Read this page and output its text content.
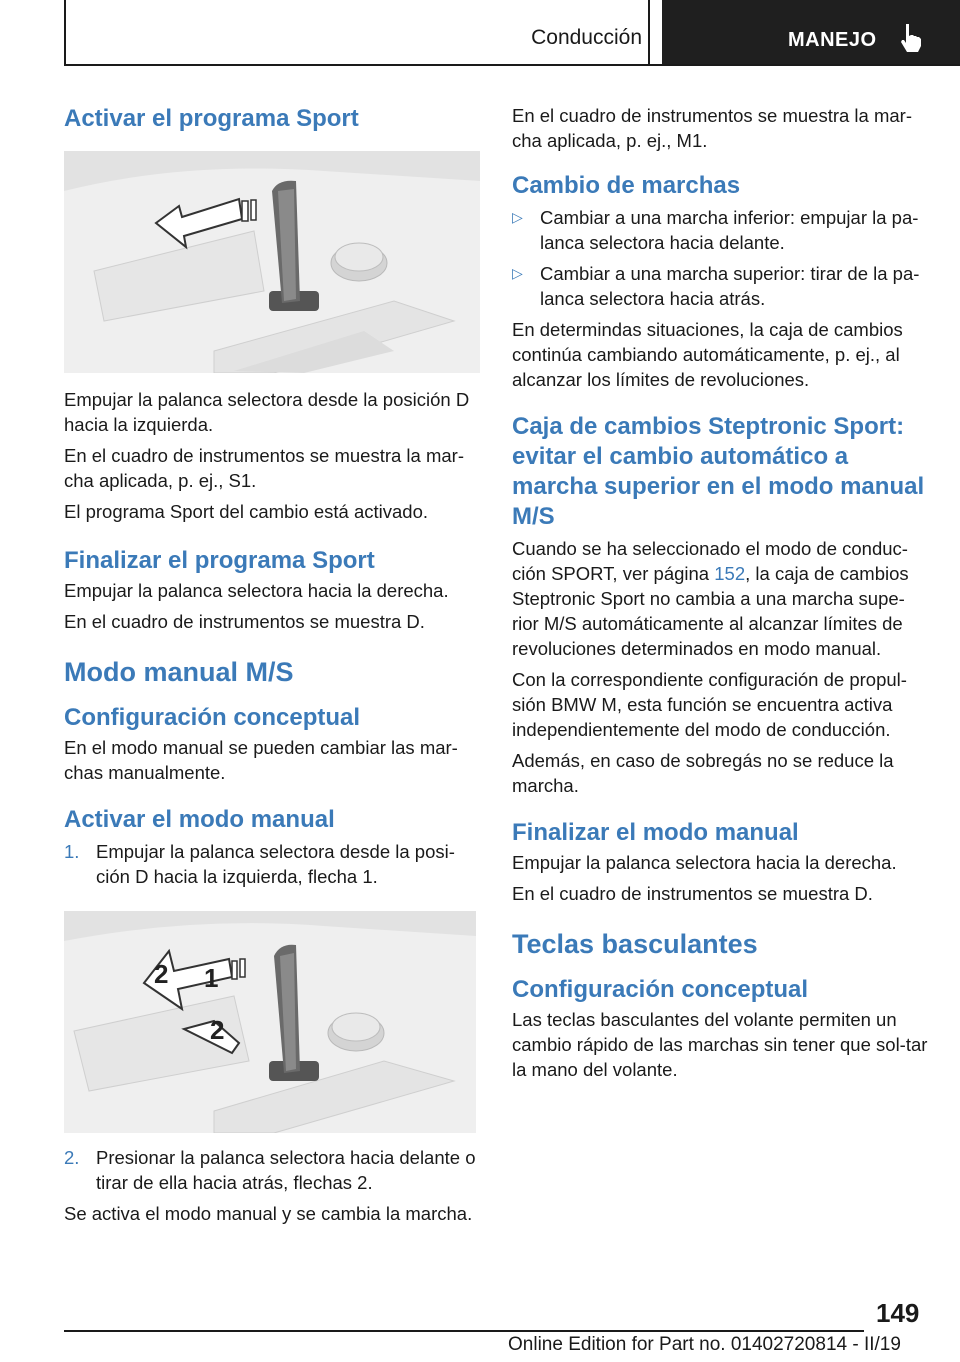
Conducción	MANEJO
Activar el programa Sport

Empujar la palanca selectora desde la posición D hacia la izquierda.

En el cuadro de instrumentos se muestra la mar‐cha aplicada, p. ej., S1.

El programa Sport del cambio está activado.

Finalizar el programa Sport

Empujar la palanca selectora hacia la derecha.

En el cuadro de instrumentos se muestra D.

Modo manual M/S
Configuración conceptual

En el modo manual se pueden cambiar las mar‐chas manualmente.

Activar el modo manual
1. Empujar la palanca selectora desde la posi‐ción D hacia la izquierda, flecha 1.
2 1
2
2. Presionar la palanca selectora hacia delante o tirar de ella hacia atrás, flechas 2.

Se activa el modo manual y se cambia la marcha.

En el cuadro de instrumentos se muestra la mar‐cha aplicada, p. ej., M1.

Cambio de marchas
▷ Cambiar a una marcha inferior: empujar la pa‐lanca selectora hacia delante.
▷ Cambiar a una marcha superior: tirar de la pa‐lanca selectora hacia atrás.

En determindas situaciones, la caja de cambios continúa cambiando automáticamente, p. ej., al alcanzar los límites de revoluciones.

Caja de cambios Steptronic Sport: evitar el cambio automático a marcha superior en el modo manual M/S

Cuando se ha seleccionado el modo de conduc‐ción SPORT, ver página 152, la caja de cambios Steptronic Sport no cambia a una marcha supe‐rior M/S automáticamente al alcanzar límites de revoluciones determinados en modo manual.

Con la correspondiente configuración de propul‐sión BMW M, esta función se encuentra activa independientemente del modo de conducción.

Además, en caso de sobregás no se reduce la marcha.

Finalizar el modo manual

Empujar la palanca selectora hacia la derecha.

En el cuadro de instrumentos se muestra D.

Teclas basculantes
Configuración conceptual

Las teclas basculantes del volante permiten un cambio rápido de las marchas sin tener que sol‐tar la mano del volante.

149
Online Edition for Part no. 01402720814 - II/19
